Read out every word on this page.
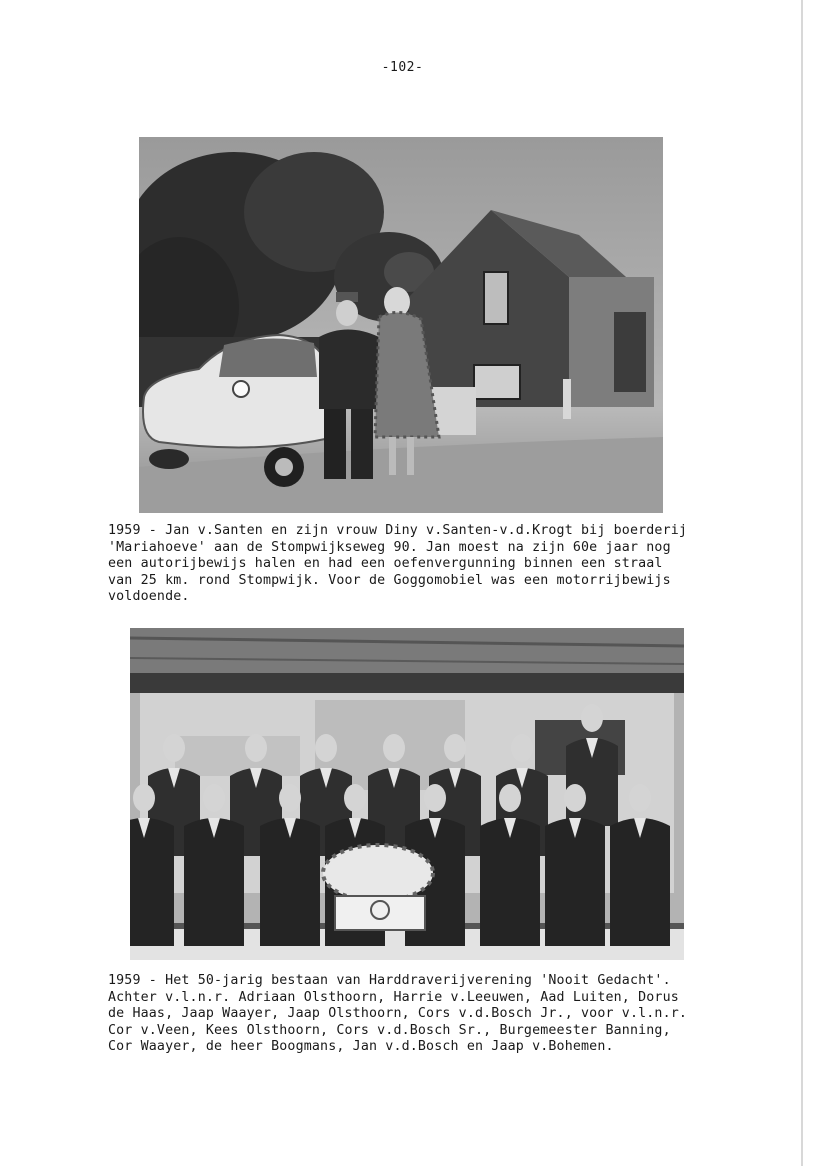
-102-

1959 - Jan v.Santen en zijn vrouw Diny v.Santen-v.d.Krogt bij boerderij
'Mariahoeve' aan de Stompwijkseweg 90. Jan moest na zijn 60e jaar nog
een autorijbewijs halen en had een oefenvergunning binnen een straal
van 25 km. rond Stompwijk. Voor de Goggomobiel was een motorrijbewijs
voldoende.

1959 - Het 50-jarig bestaan van Harddraverijverening 'Nooit Gedacht'.
Achter v.l.n.r. Adriaan Olsthoorn, Harrie v.Leeuwen, Aad Luiten, Dorus
de Haas, Jaap Waayer, Jaap Olsthoorn, Cors v.d.Bosch Jr., voor v.l.n.r.
Cor v.Veen, Kees Olsthoorn, Cors v.d.Bosch Sr., Burgemeester Banning,
Cor Waayer, de heer Boogmans, Jan v.d.Bosch en Jaap v.Bohemen.
